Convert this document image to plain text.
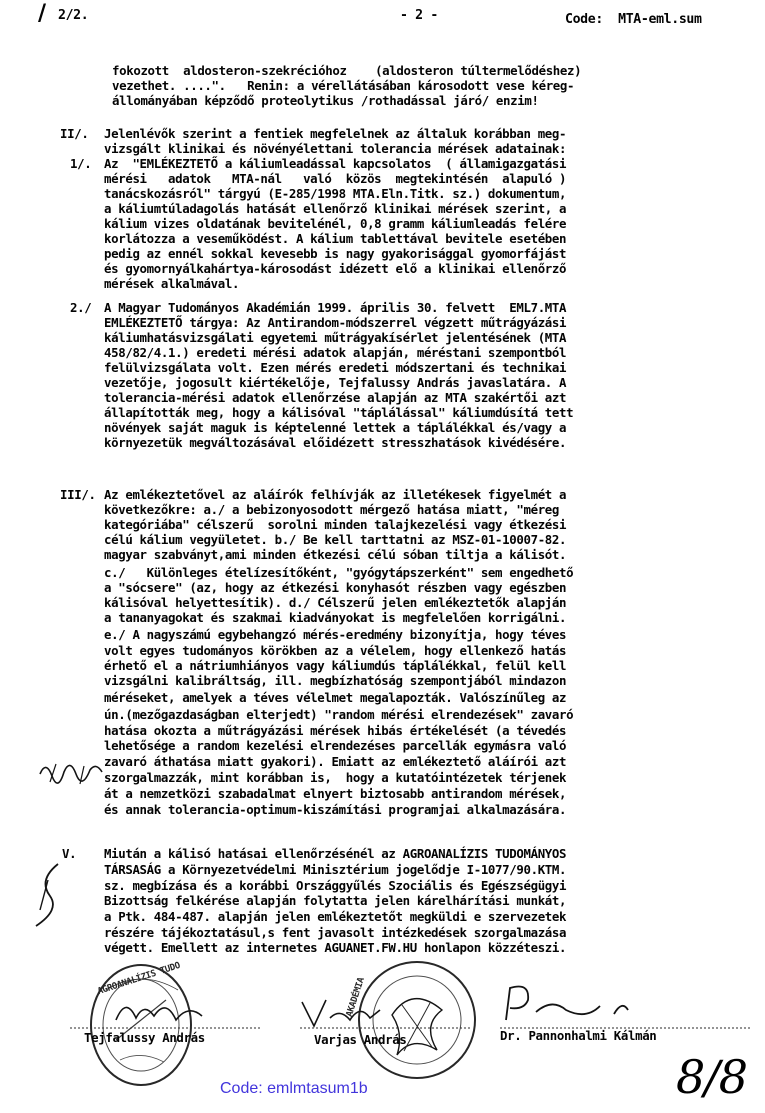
/ 2/2.	- 2 -	Code:  MTA-eml.sum
fokozott  aldosteron-szekrécióhoz    (aldosteron túltermelődéshez)
vezethet. ....".   Renin: a vérellátásában károsodott vese kéreg-
állományában képződő proteolytikus /rothadással járó/ enzim!
II/. Jelenlévők szerint a fentiek megfelelnek az általuk korábban meg-
vizsgált klinikai és növényélettani tolerancia mérések adatainak:
1/. Az  "EMLÉKEZTETŐ a káliumleadással kapcsolatos  ( államigazgatási
mérési   adatok   MTA-nál   való  közös  megtekintésén  alapuló )
tanácskozásról" tárgyú (E-285/1998 MTA.Eln.Titk. sz.) dokumentum,
a káliumtúladagolás hatását ellenőrző klinikai mérések szerint, a
kálium vizes oldatának bevitelénél, 0,8 gramm káliumleadás felére
korlátozza a veseműködést. A kálium tablettával bevitele esetében
pedig az ennél sokkal kevesebb is nagy gyakorisággal gyomorfájást
és gyomornyálkahártya-károsodást idézett elő a klinikai ellenőrző
mérések alkalmával.
2./ A Magyar Tudományos Akadémián 1999. április 30. felvett  EML7.MTA
EMLÉKEZTETŐ tárgya: Az Antirandom-módszerrel végzett műtrágyázási
káliumhatásvizsgálati egyetemi műtrágyakísérlet jelentésének (MTA
458/82/4.1.) eredeti mérési adatok alapján, méréstani szempontból
felülvizsgálata volt. Ezen mérés eredeti módszertani és technikai
vezetője, jogosult kiértékelője, Tejfalussy András javaslatára. A
tolerancia-mérési adatok ellenőrzése alapján az MTA szakértői azt
állapították meg, hogy a kálisóval "táplálással" káliumdúsítá tett
növények saját maguk is képtelenné lettek a táplálékkal és/vagy a
környezetük megváltozásával előidézett stresszhatások kivédésére.
III/. Az emlékeztetővel az aláírók felhívják az illetékesek figyelmét a
következőkre: a./ a bebizonyosodott mérgező hatása miatt, "méreg
kategóriába" célszerű  sorolni minden talajkezelési vagy étkezési
célú kálium vegyületet. b./ Be kell tarttatni az MSZ-01-10007-82.
magyar szabványt,ami minden étkezési célú sóban tiltja a kálisót.
c./   Különleges ételízesítőként, "gyógytápszerként" sem engedhető
a "sócsere" (az, hogy az étkezési konyhasót részben vagy egészben
kálisóval helyettesítik). d./ Célszerű jelen emlékeztetők alapján
a tananyagokat és szakmai kiadványokat is megfelelően korrigálni.
e./ A nagyszámú egybehangzó mérés-eredmény bizonyítja, hogy téves
volt egyes tudományos körökben az a vélelem, hogy ellenkező hatás
érhető el a nátriumhiányos vagy káliumdús táplálékkal, felül kell
vizsgálni kalibráltság, ill. megbízhatóság szempontjából mindazon
méréseket, amelyek a téves vélelmet megalapozták. Valószínűleg az
ún.(mezőgazdaságban elterjedt) "random mérési elrendezések" zavaró
hatása okozta a műtrágyázási mérések hibás értékelését (a tévedés
lehetősége a random kezelési elrendezéses parcellák egymásra való
zavaró áthatása miatt gyakori). Emiatt az emlékeztető aláírói azt
szorgalmazzák, mint korábban is,  hogy a kutatóintézetek térjenek
át a nemzetközi szabadalmat elnyert biztosabb antirandom mérések,
és annak tolerancia-optimum-kiszámítási programjai alkalmazására.
V. Miután a kálisó hatásai ellenőrzésénél az AGROANALÍZIS TUDOMÁNYOS
TÁRSASÁG a Környezetvédelmi Minisztérium jogelődje I-1077/90.KTM.
sz. megbízása és a korábbi Országgyűlés Szociális és Egészségügyi
Bizottság felkérése alapján folytatta jelen kárelhárítási munkát,
a Ptk. 484-487. alapján jelen emlékeztetőt megküldi e szervezetek
részére tájékoztatásul,s fent javasolt intézkedések szorgalmazása
végett. Emellett az internetes AGUANET.FW.HU honlapon közzéteszi.
AGROANALÍZIS TUDO	AKADÉMIA
Tejfalussy András	Varjas András	Dr. Pannonhalmi Kálmán
8/8
Code: emlmtasum1b
